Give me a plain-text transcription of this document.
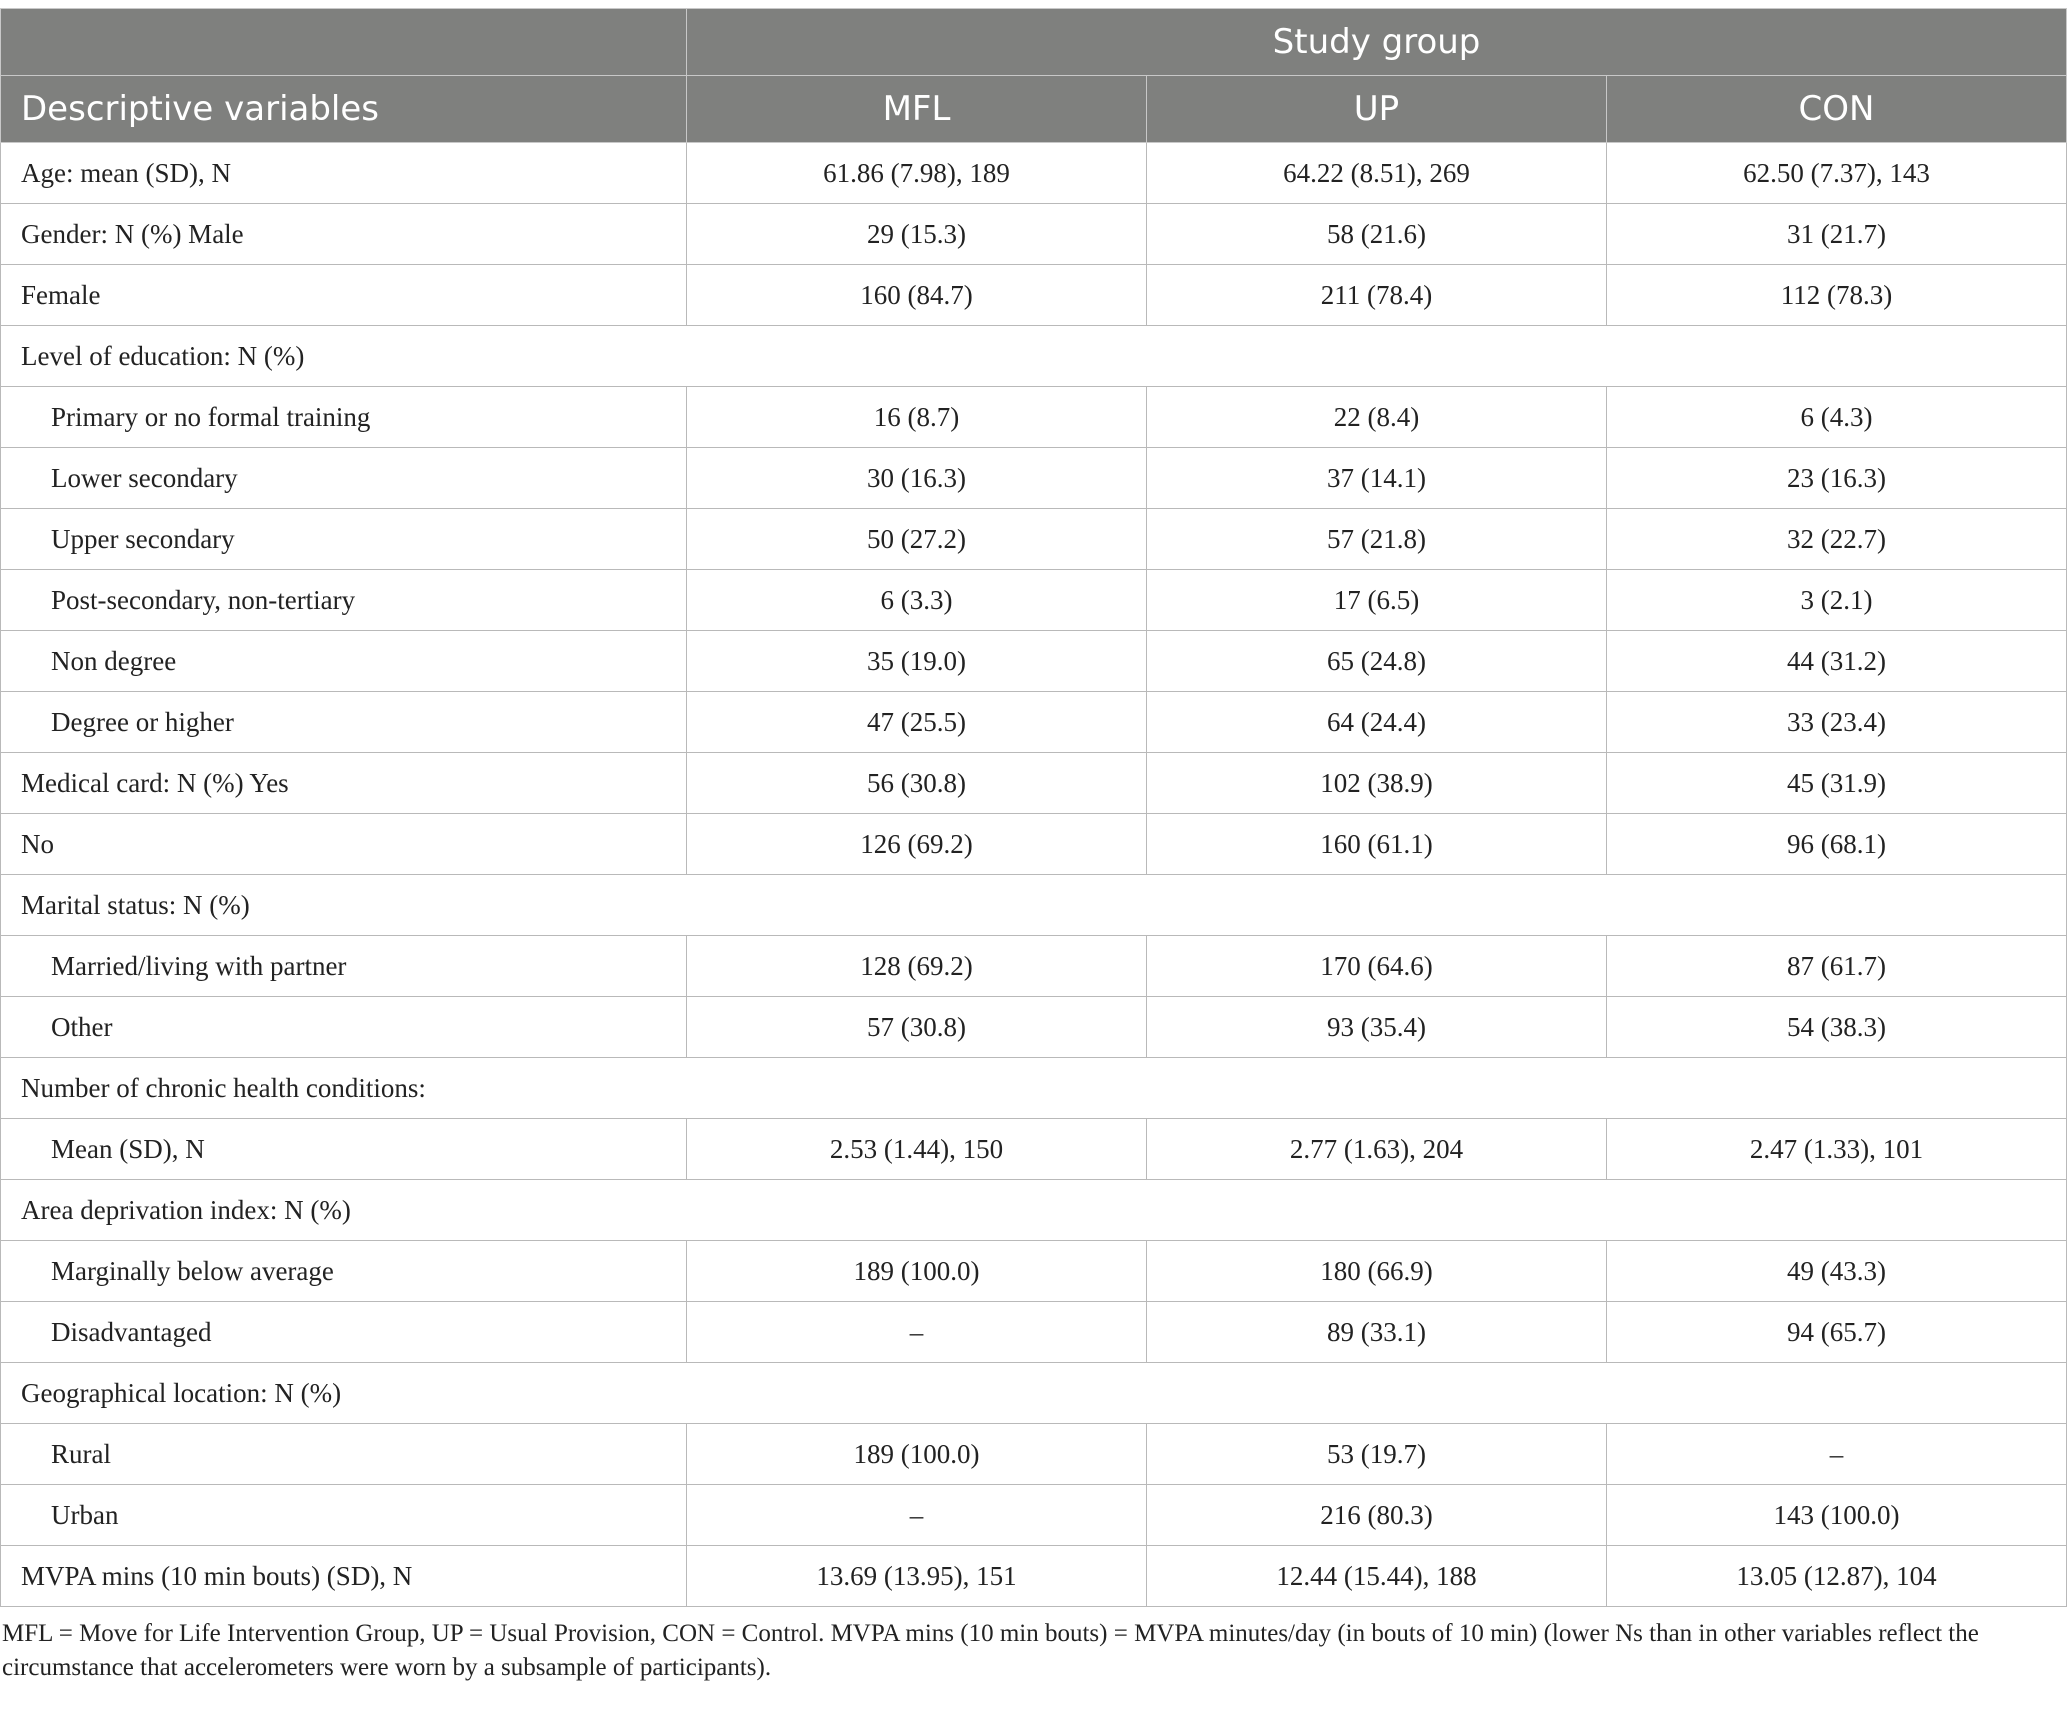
	Study group		
Descriptive variables	MFL	UP	CON
Age: mean (SD), N	61.86 (7.98), 189	64.22 (8.51), 269	62.50 (7.37), 143
Gender: N (%) Male	29 (15.3)	58 (21.6)	31 (21.7)
Female	160 (84.7)	211 (78.4)	112 (78.3)
Level of education: N (%)			
Primary or no formal training	16 (8.7)	22 (8.4)	6 (4.3)
Lower secondary	30 (16.3)	37 (14.1)	23 (16.3)
Upper secondary	50 (27.2)	57 (21.8)	32 (22.7)
Post-secondary, non-tertiary	6 (3.3)	17 (6.5)	3 (2.1)
Non degree	35 (19.0)	65 (24.8)	44 (31.2)
Degree or higher	47 (25.5)	64 (24.4)	33 (23.4)
Medical card: N (%) Yes	56 (30.8)	102 (38.9)	45 (31.9)
No	126 (69.2)	160 (61.1)	96 (68.1)
Marital status: N (%)			
Married/living with partner	128 (69.2)	170 (64.6)	87 (61.7)
Other	57 (30.8)	93 (35.4)	54 (38.3)
Number of chronic health conditions:			
Mean (SD), N	2.53 (1.44), 150	2.77 (1.63), 204	2.47 (1.33), 101
Area deprivation index: N (%)			
Marginally below average	189 (100.0)	180 (66.9)	49 (43.3)
Disadvantaged	–	89 (33.1)	94 (65.7)
Geographical location: N (%)			
Rural	189 (100.0)	53 (19.7)	–
Urban	–	216 (80.3)	143 (100.0)
MVPA mins (10 min bouts) (SD), N	13.69 (13.95), 151	12.44 (15.44), 188	13.05 (12.87), 104
MFL = Move for Life Intervention Group, UP = Usual Provision, CON = Control. MVPA mins (10 min bouts) = MVPA minutes/day (in bouts of 10 min) (lower Ns than in other variables reflect the circumstance that accelerometers were worn by a subsample of participants).
